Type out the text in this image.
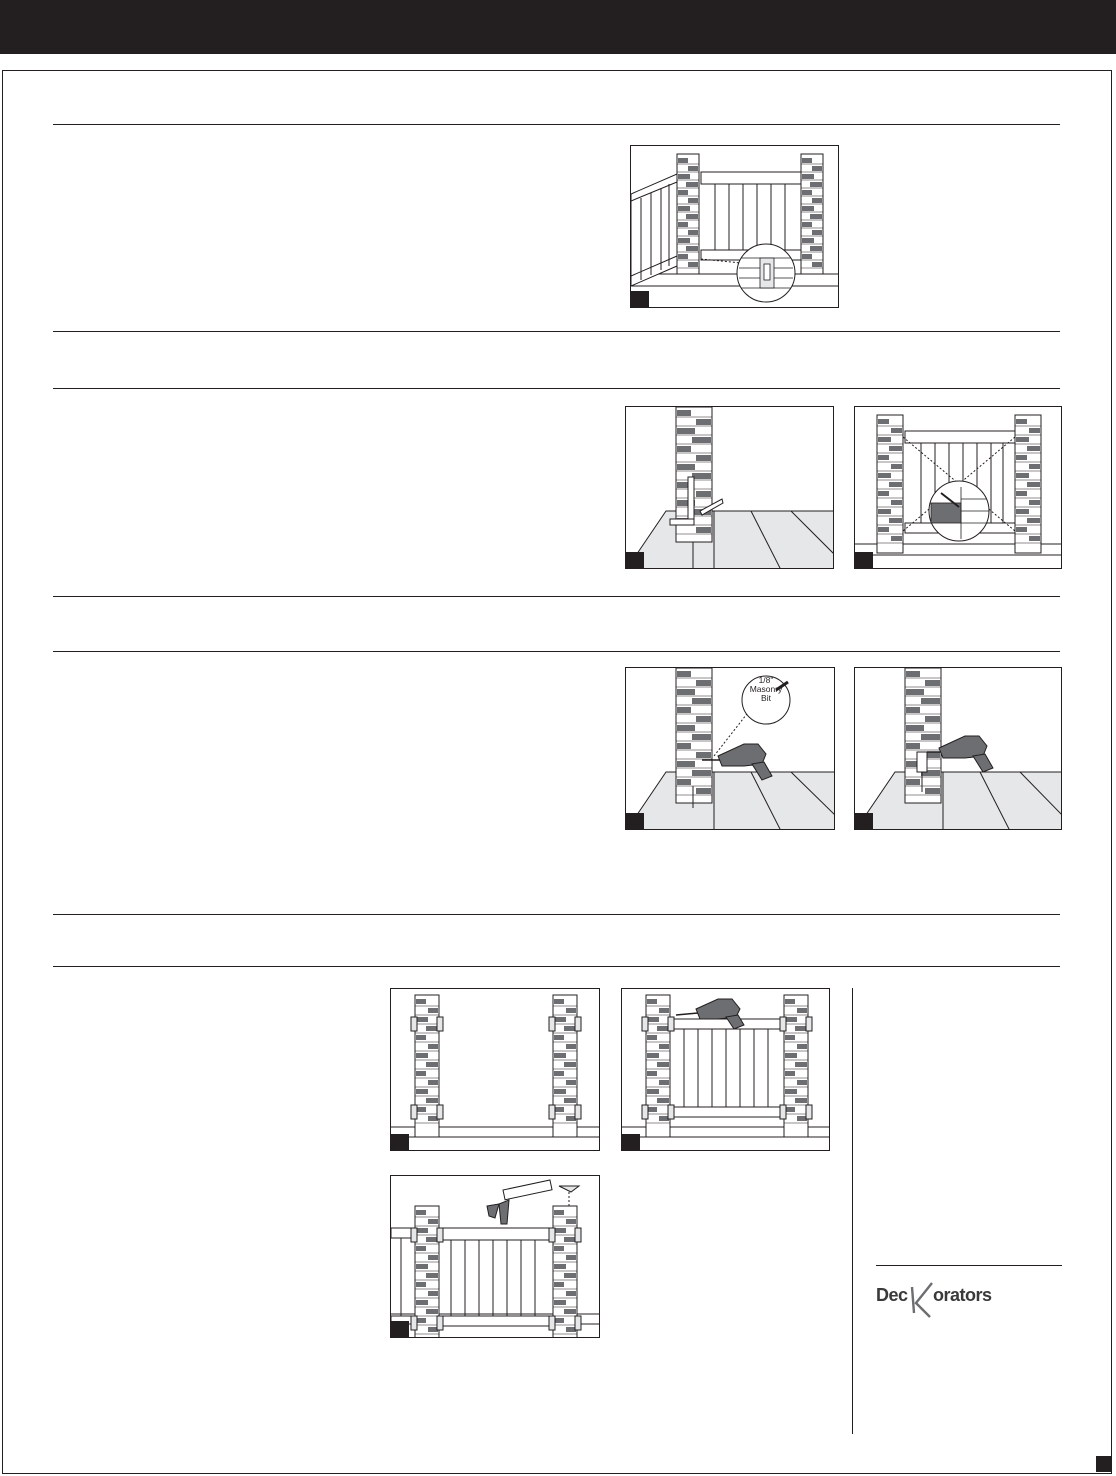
1/8"
Masonry
Bit
Dec orators
